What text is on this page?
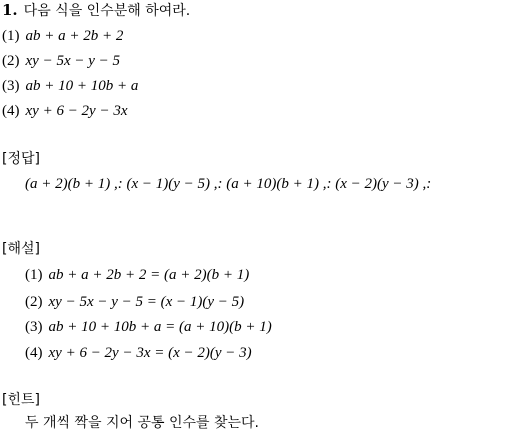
1. 다음 식을 인수분해 하여라.
(1) ab + a + 2b + 2
(2) xy − 5x − y − 5
(3) ab + 10 + 10b + a
(4) xy + 6 − 2y − 3x
[정답]
(a + 2)(b + 1) ,: (x − 1)(y − 5) ,: (a + 10)(b + 1) ,: (x − 2)(y − 3) ,:
[해설]
(1) ab + a + 2b + 2 = (a + 2)(b + 1)
(2) xy − 5x − y − 5 = (x − 1)(y − 5)
(3) ab + 10 + 10b + a = (a + 10)(b + 1)
(4) xy + 6 − 2y − 3x = (x − 2)(y − 3)
[힌트]
두 개씩 짝을 지어 공통 인수를 찾는다.
